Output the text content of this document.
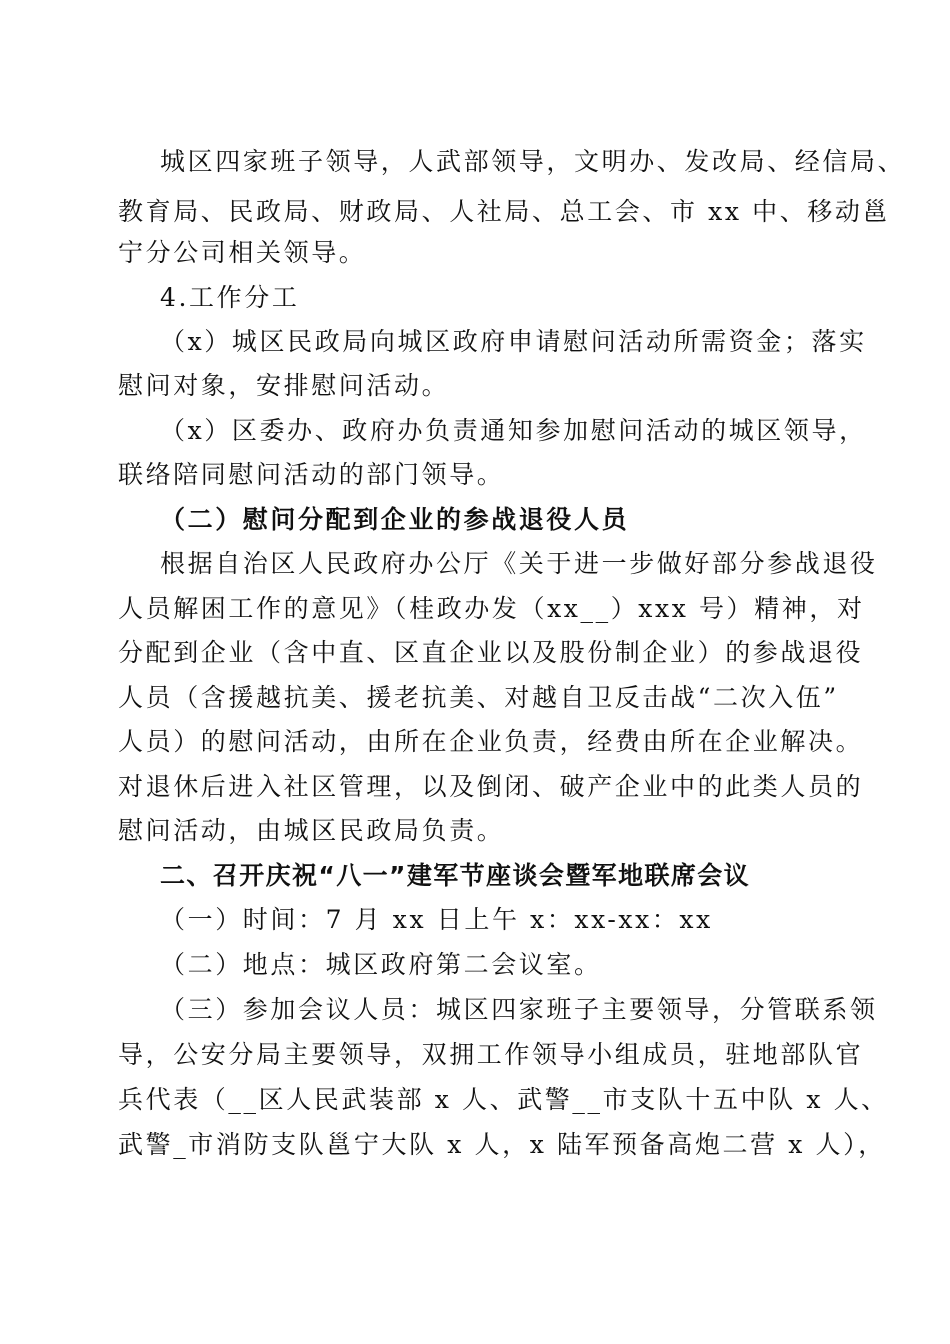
城区四家班子领导，人武部领导，文明办、发改局、经信局、
教育局、民政局、财政局、人社局、总工会、市 xx 中、移动邕
宁分公司相关领导。
4.工作分工
（x）城区民政局向城区政府申请慰问活动所需资金；落实
慰问对象，安排慰问活动。
（x）区委办、政府办负责通知参加慰问活动的城区领导，
联络陪同慰问活动的部门领导。
（二）慰问分配到企业的参战退役人员
根据自治区人民政府办公厅《关于进一步做好部分参战退役
人员解困工作的意见》（桂政办发（xx__）xxx 号）精神，对
分配到企业（含中直、区直企业以及股份制企业）的参战退役
人员（含援越抗美、援老抗美、对越自卫反击战“二次入伍”
人员）的慰问活动，由所在企业负责，经费由所在企业解决。
对退休后进入社区管理，以及倒闭、破产企业中的此类人员的
慰问活动，由城区民政局负责。
二、召开庆祝“八一”建军节座谈会暨军地联席会议
（一）时间：7 月 xx 日上午 x：xx-xx：xx
（二）地点：城区政府第二会议室。
（三）参加会议人员：城区四家班子主要领导，分管联系领
导，公安分局主要领导，双拥工作领导小组成员，驻地部队官
兵代表（__区人民武装部 x 人、武警__市支队十五中队 x 人、
武警_市消防支队邕宁大队 x 人，x 陆军预备高炮二营 x 人），
